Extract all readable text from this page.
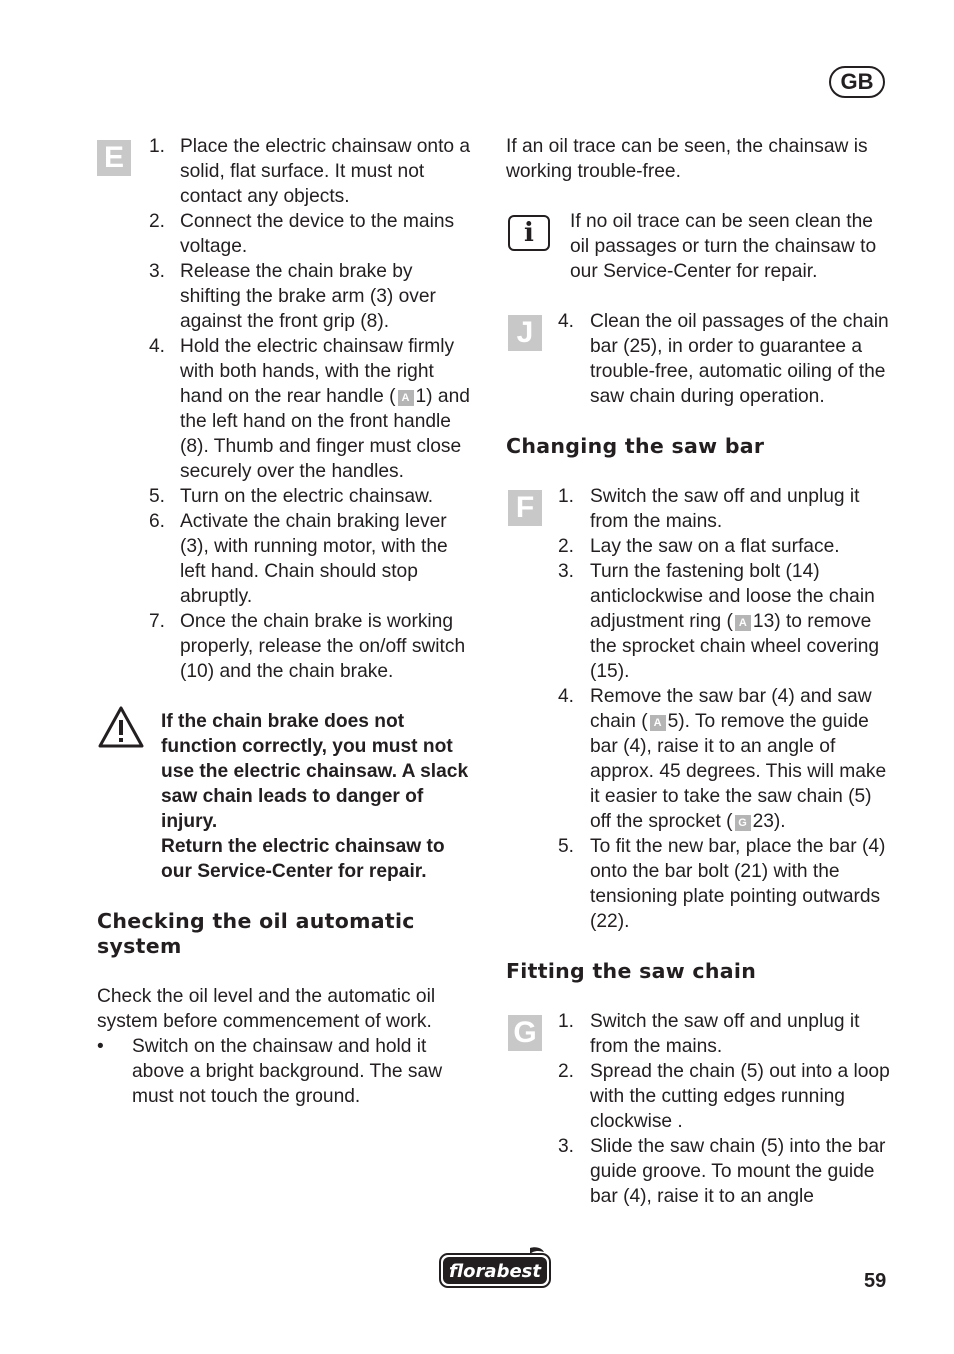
GB
E	1. Place the electric chainsaw onto a solid, flat surface. It must not contact any objects.
2. Connect the device to the mains voltage.
3. Release the chain brake by shifting the brake arm (3) over against the front grip (8).
4. Hold the electric chainsaw firmly with both hands, with the right hand on the rear handle ( A 1) and the left hand on the front handle (8). Thumb and finger must close securely over the handles.
5. Turn on the electric chainsaw.
6. Activate the chain braking lever (3), with running motor, with the left hand. Chain should stop abruptly.
7. Once the chain brake is working properly, release the on/off switch (10) and the chain brake.

If the chain brake does not function correctly, you must not use the electric chainsaw. A slack saw chain leads to danger of injury.

Return the electric chainsaw to our Service-Center for repair.

Checking the oil automatic system

Check the oil level and the automatic oil system before commencement of work.

• Switch on the chainsaw and hold it above a bright background. The saw must not touch the ground.

If an oil trace can be seen, the chainsaw is working trouble-free.

i	If no oil trace can be seen clean the oil passages or turn the chainsaw to our Service-Center for repair.

J	4. Clean the oil passages of the chain bar (25), in order to guarantee a trouble-free, automatic oiling of the saw chain during operation.
Changing the saw bar
F	1. Switch the saw off and unplug it from the mains.
2. Lay the saw on a flat surface.
3. Turn the fastening bolt (14) anticlockwise and loose the chain adjustment ring ( A 13) to remove the sprocket chain wheel covering (15).
4. Remove the saw bar (4) and saw chain ( A 5). To remove the guide bar (4), raise it to an angle of approx. 45 degrees. This will make it easier to take the saw chain (5) off the sprocket ( G 23).
5. To fit the new bar, place the bar (4) onto the bar bolt (21) with the tensioning plate pointing outwards (22).
Fitting the saw chain
G 1. Switch the saw off and unplug it from the mains.
2. Spread the chain (5) out into a loop with the cutting edges running clockwise .
3. Slide the saw chain (5) into the bar guide groove. To mount the guide bar (4), raise it to an angle
florabest	59
